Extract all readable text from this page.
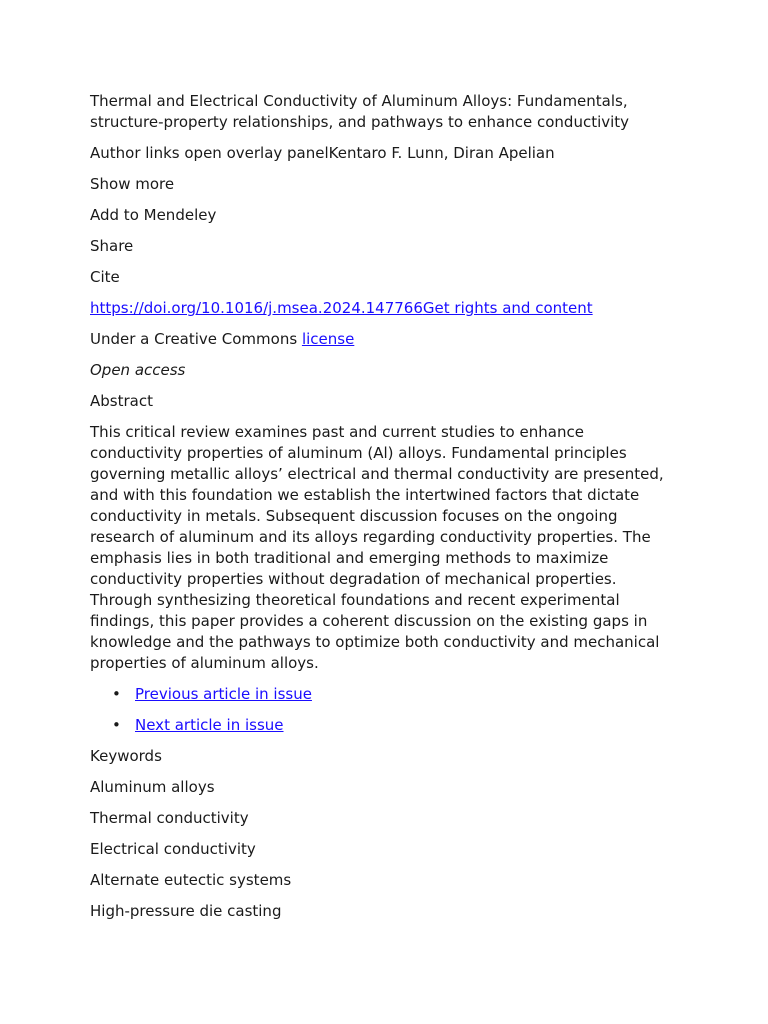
Thermal and Electrical Conductivity of Aluminum Alloys: Fundamentals, structure-property relationships, and pathways to enhance conductivity

Author links open overlay panelKentaro F. Lunn, Diran Apelian

Show more

Add to Mendeley

Share

Cite

https://doi.org/10.1016/j.msea.2024.147766Get rights and content

Under a Creative Commons license

Open access

Abstract

This critical review examines past and current studies to enhance conductivity properties of aluminum (Al) alloys. Fundamental principles governing metallic alloys’ electrical and thermal conductivity are presented, and with this foundation we establish the intertwined factors that dictate conductivity in metals. Subsequent discussion focuses on the ongoing research of aluminum and its alloys regarding conductivity properties. The emphasis lies in both traditional and emerging methods to maximize conductivity properties without degradation of mechanical properties. Through synthesizing theoretical foundations and recent experimental findings, this paper provides a coherent discussion on the existing gaps in knowledge and the pathways to optimize both conductivity and mechanical properties of aluminum alloys.

• Previous article in issue
• Next article in issue

Keywords

Aluminum alloys

Thermal conductivity

Electrical conductivity

Alternate eutectic systems

High-pressure die casting
